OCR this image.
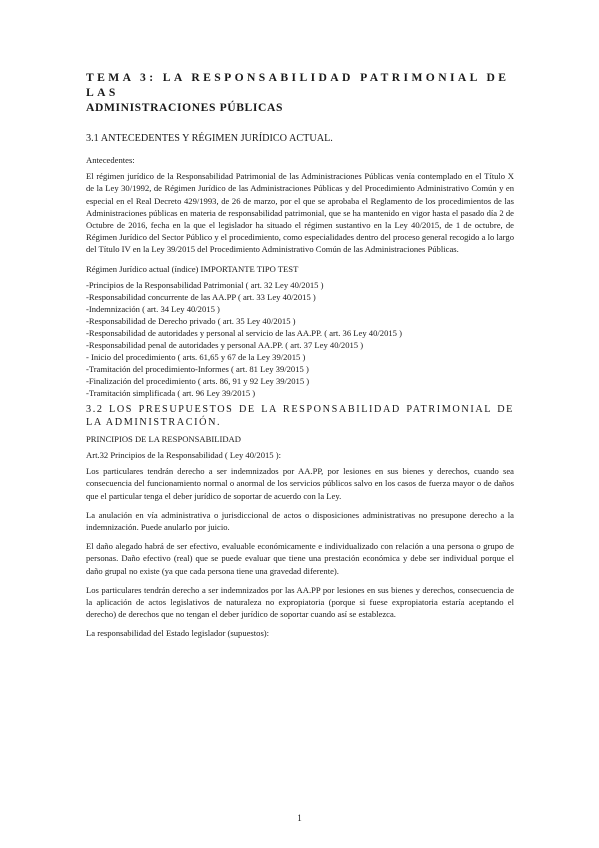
TEMA 3: LA RESPONSABILIDAD PATRIMONIAL DE LAS
ADMINISTRACIONES PÚBLICAS
3.1 ANTECEDENTES Y RÉGIMEN JURÍDICO ACTUAL.

Antecedentes:

El régimen jurídico de la Responsabilidad Patrimonial de las Administraciones Públicas venía contemplado en el Título X de la Ley 30/1992, de Régimen Jurídico de las Administraciones Públicas y del Procedimiento Administrativo Común y en especial en el Real Decreto 429/1993, de 26 de marzo, por el que se aprobaba el Reglamento de los procedimientos de las Administraciones públicas en materia de responsabilidad patrimonial, que se ha mantenido en vigor hasta el pasado día 2 de Octubre de 2016, fecha en la que el legislador ha situado el régimen sustantivo en la Ley 40/2015, de 1 de octubre, de Régimen Jurídico del Sector Público y el procedimiento, como especialidades dentro del proceso general recogido a lo largo del Título IV en la Ley 39/2015 del Procedimiento Administrativo Común de las Administraciones Públicas.

Régimen Jurídico actual (índice) IMPORTANTE TIPO TEST

-Principios de la Responsabilidad Patrimonial ( art. 32 Ley 40/2015 )
-Responsabilidad concurrente de las AA.PP ( art. 33 Ley 40/2015 )
-Indemnización ( art. 34 Ley 40/2015 )
-Responsabilidad de Derecho privado ( art. 35 Ley 40/2015 )
-Responsabilidad de autoridades y personal al servicio de las AA.PP. ( art. 36 Ley 40/2015 )
-Responsabilidad penal de autoridades y personal AA.PP. ( art. 37 Ley 40/2015 )
- Inicio del procedimiento ( arts. 61,65 y 67 de la Ley 39/2015 )
-Tramitación del procedimiento-Informes ( art. 81 Ley 39/2015 )
-Finalización del procedimiento ( arts. 86, 91 y 92 Ley 39/2015 )
-Tramitación simplificada ( art. 96 Ley 39/2015 )
3.2 LOS PRESUPUESTOS DE LA RESPONSABILIDAD PATRIMONIAL DE LA ADMINISTRACIÓN.

PRINCIPIOS DE LA RESPONSABILIDAD

Art.32 Principios de la Responsabilidad ( Ley 40/2015 ):

Los particulares tendrán derecho a ser indemnizados por AA.PP, por lesiones en sus bienes y derechos, cuando sea consecuencia del funcionamiento normal o anormal de los servicios públicos salvo en los casos de fuerza mayor o de daños que el particular tenga el deber jurídico de soportar de acuerdo con la Ley.

La anulación en vía administrativa o jurisdiccional de actos o disposiciones administrativas no presupone derecho a la indemnización. Puede anularlo por juicio.

El daño alegado habrá de ser efectivo, evaluable económicamente e individualizado con relación a una persona o grupo de personas. Daño efectivo (real) que se puede evaluar que tiene una prestación económica y debe ser individual porque el daño grupal no existe (ya que cada persona tiene una gravedad diferente).

Los particulares tendrán derecho a ser indemnizados por las AA.PP por lesiones en sus bienes y derechos, consecuencia de la aplicación de actos legislativos de naturaleza no expropiatoria (porque si fuese expropiatoria estaría aceptando el derecho) de derechos que no tengan el deber jurídico de soportar cuando así se establezca.

La responsabilidad del Estado legislador (supuestos):

1
